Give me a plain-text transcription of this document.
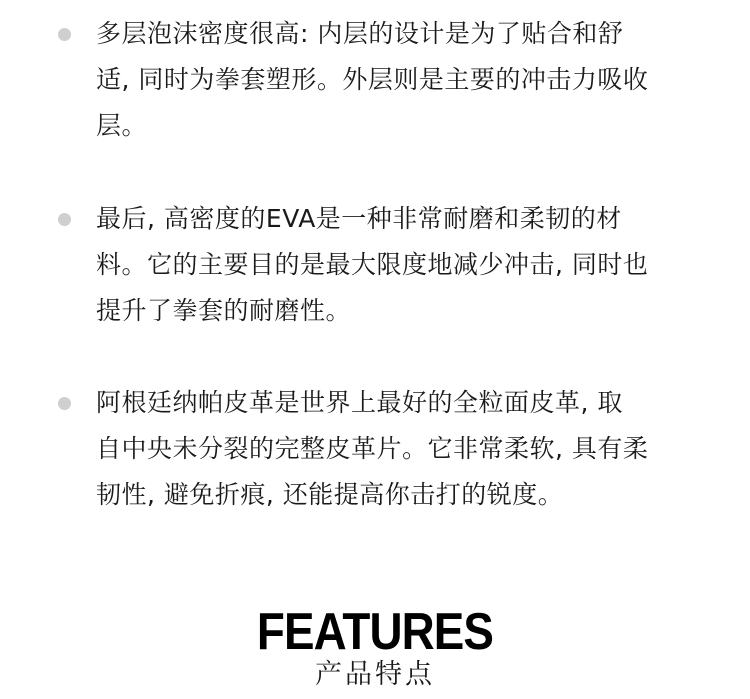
多层泡沫密度很高: 内层的设计是为了贴合和舒
适, 同时为拳套塑形。外层则是主要的冲击力吸收
层。

最后, 高密度的EVA是一种非常耐磨和柔韧的材
料。它的主要目的是最大限度地减少冲击, 同时也
提升了拳套的耐磨性。

阿根廷纳帕皮革是世界上最好的全粒面皮革, 取
自中央未分裂的完整皮革片。它非常柔软, 具有柔
韧性, 避免折痕, 还能提高你击打的锐度。

FEATURES
产品特点
